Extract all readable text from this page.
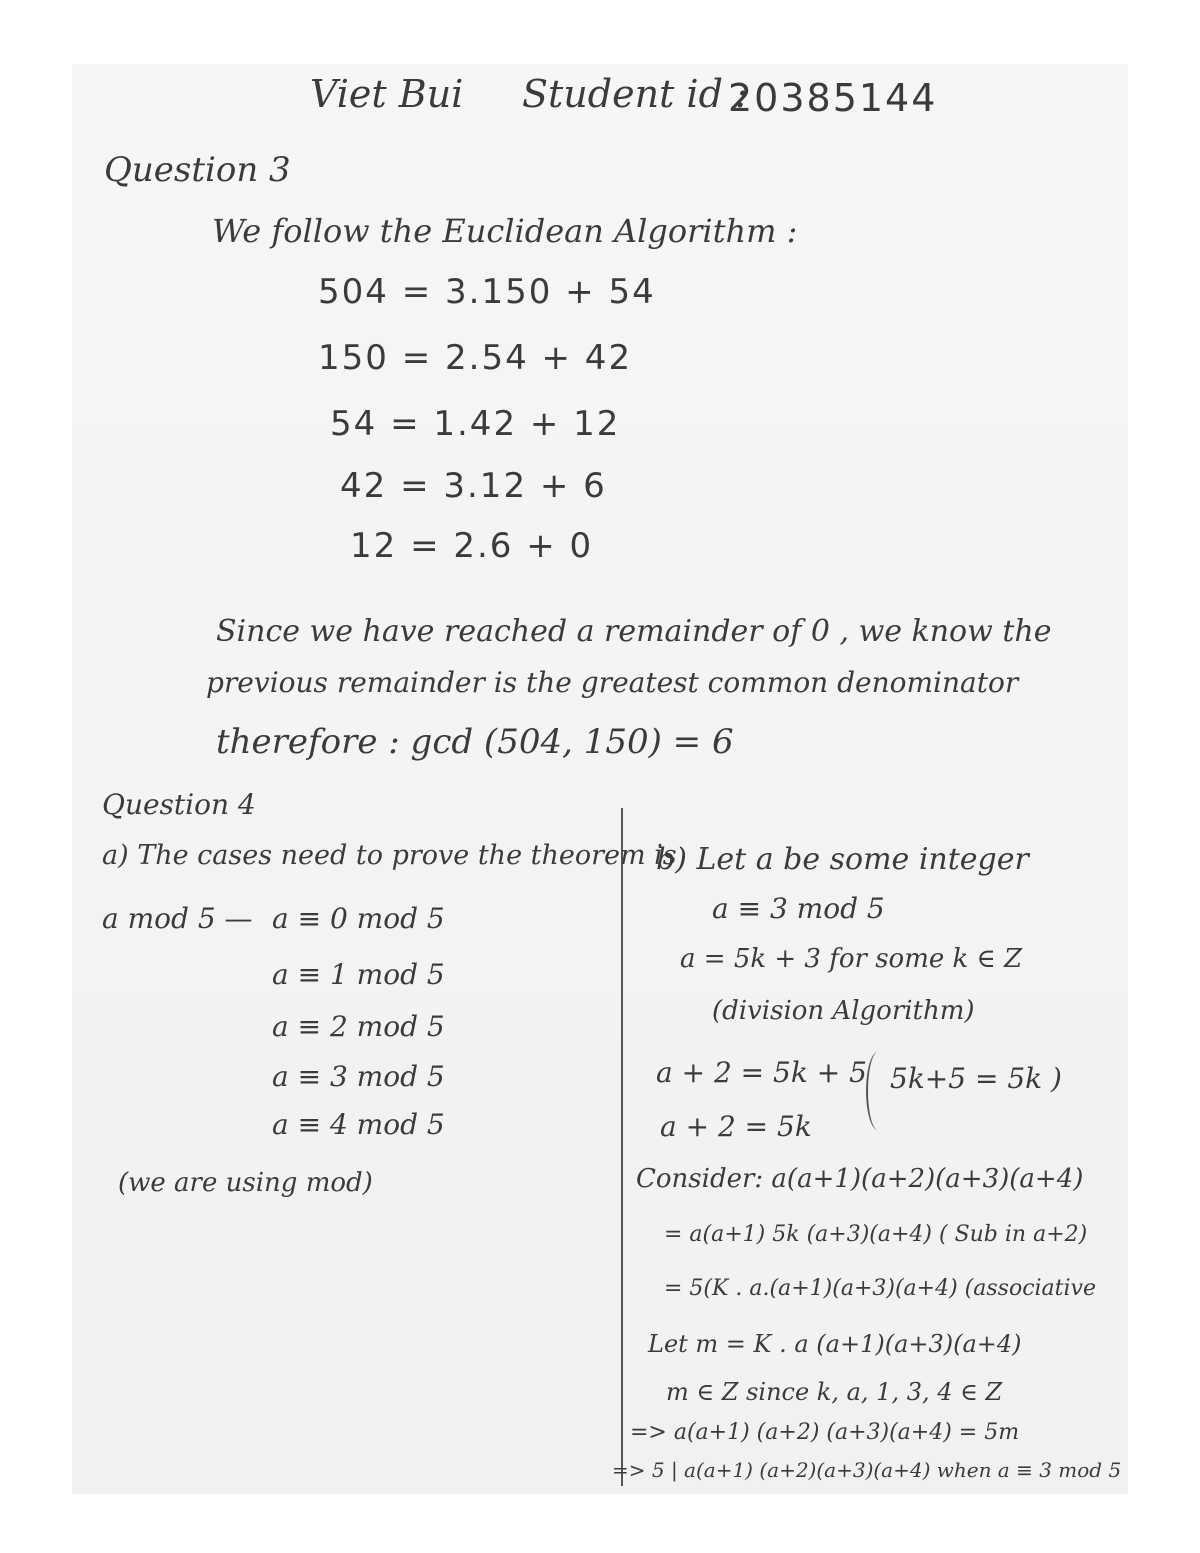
Viet Bui Student id :
20385144
Question 3
We follow the Euclidean Algorithm :
504 = 3.150 + 54
150 = 2.54 + 42
54 = 1.42 + 12
42 = 3.12 + 6
12 = 2.6 + 0
Since we have reached a remainder of 0 , we know the
previous remainder is the greatest common denominator
therefore : gcd (504, 150) = 6
Question 4
a) The cases need to prove the theorem is
a mod 5 — a ≡ 0 mod 5
a ≡ 1 mod 5
a ≡ 2 mod 5
a ≡ 3 mod 5
a ≡ 4 mod 5
(we are using mod)
b) Let a be some integer
a ≡ 3 mod 5
a = 5k + 3 for some k ∈ Z
(division Algorithm)
a + 2 = 5k + 5 5k+5 = 5k )
a + 2 = 5k
Consider: a(a+1)(a+2)(a+3)(a+4)
= a(a+1) 5k (a+3)(a+4) ( Sub in a+2)
= 5(K . a.(a+1)(a+3)(a+4) (associative
Let m = K . a (a+1)(a+3)(a+4)
m ∈ Z since k, a, 1, 3, 4 ∈ Z
=> a(a+1) (a+2) (a+3)(a+4) = 5m
=> 5 | a(a+1) (a+2)(a+3)(a+4) when a ≡ 3 mod 5
